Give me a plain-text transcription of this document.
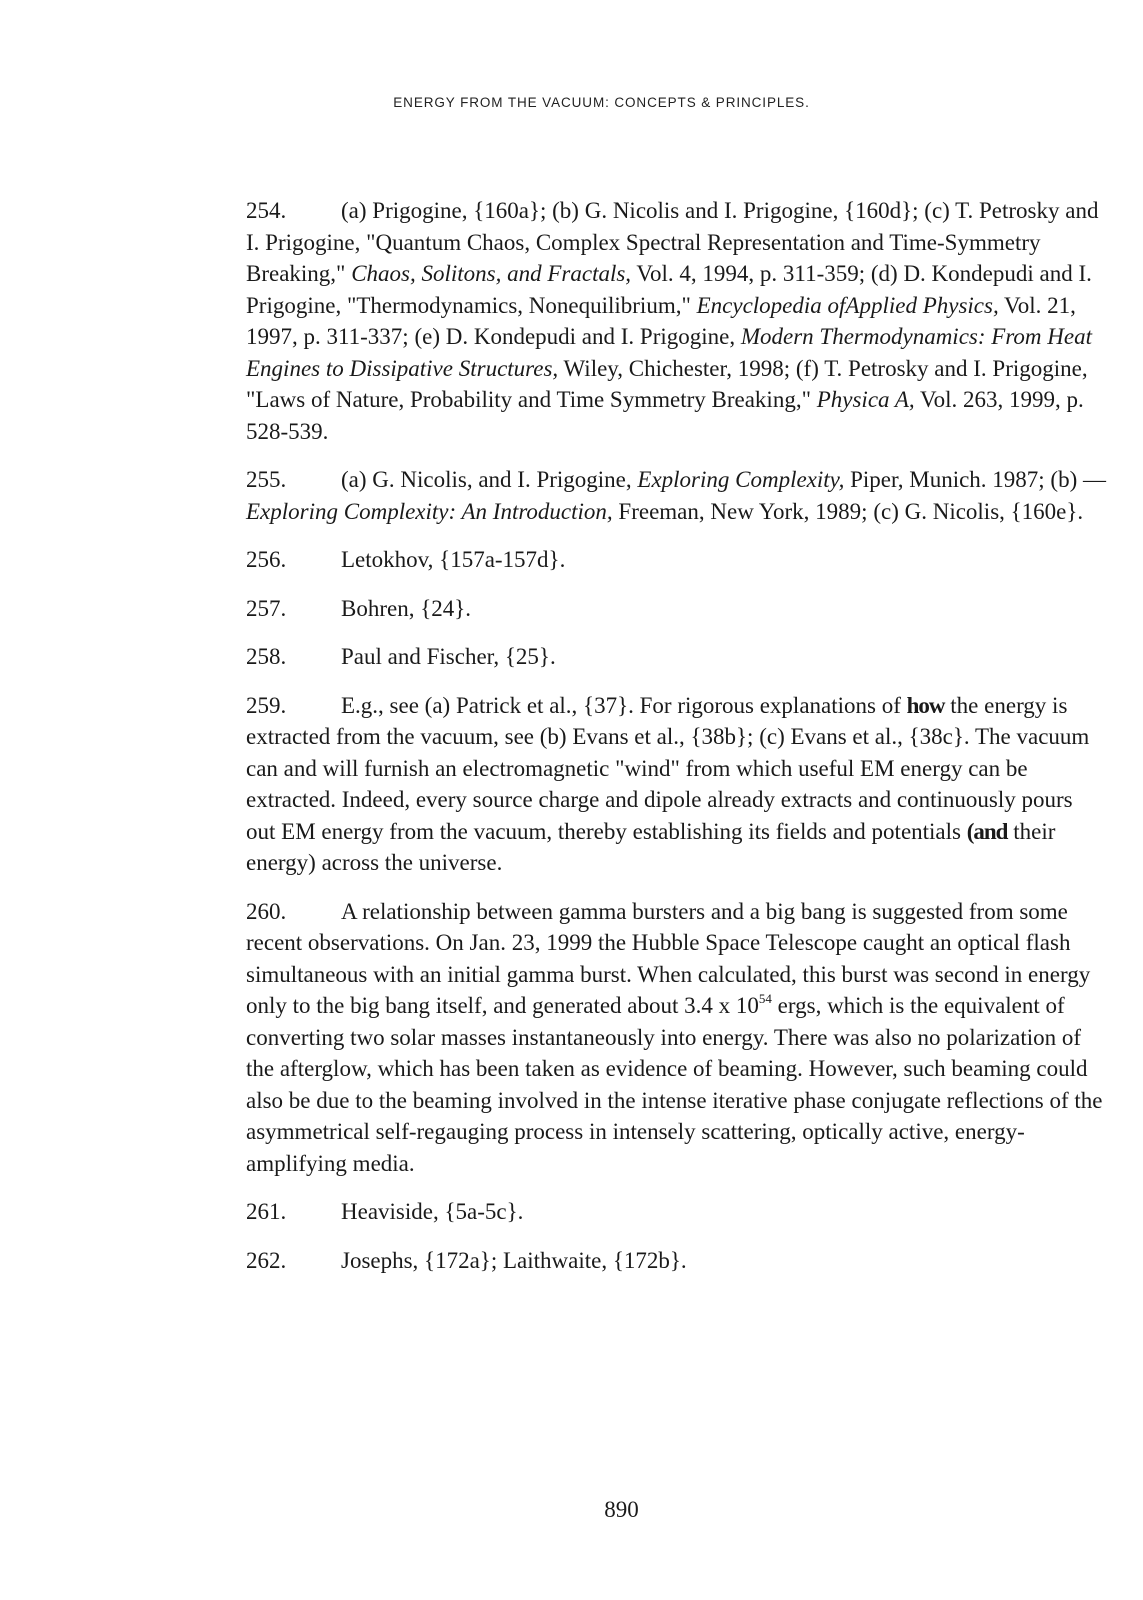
ENERGY FROM THE VACUUM: CONCEPTS & PRINCIPLES.

254. (a) Prigogine, {160a}; (b) G. Nicolis and I. Prigogine, {160d}; (c) T. Petrosky and I. Prigogine, "Quantum Chaos, Complex Spectral Representation and Time-Symmetry Breaking," Chaos, Solitons, and Fractals, Vol. 4, 1994, p. 311-359; (d) D. Kondepudi and I. Prigogine, "Thermodynamics, Nonequilibrium," Encyclopedia ofApplied Physics, Vol. 21, 1997, p. 311-337; (e) D. Kondepudi and I. Prigogine, Modern Thermodynamics: From Heat Engines to Dissipative Structures, Wiley, Chichester, 1998; (f) T. Petrosky and I. Prigogine, "Laws of Nature, Probability and Time Symmetry Breaking," Physica A, Vol. 263, 1999, p. 528-539.

255. (a) G. Nicolis, and I. Prigogine, Exploring Complexity, Piper, Munich. 1987; (b) — Exploring Complexity: An Introduction, Freeman, New York, 1989; (c) G. Nicolis, {160e}.

256. Letokhov, {157a-157d}.

257. Bohren, {24}.

258. Paul and Fischer, {25}.

259. E.g., see (a) Patrick et al., {37}. For rigorous explanations of how the energy is extracted from the vacuum, see (b) Evans et al., {38b}; (c) Evans et al., {38c}. The vacuum can and will furnish an electromagnetic "wind" from which useful EM energy can be extracted. Indeed, every source charge and dipole already extracts and continuously pours out EM energy from the vacuum, thereby establishing its fields and potentials (and their energy) across the universe.

260. A relationship between gamma bursters and a big bang is suggested from some recent observations. On Jan. 23, 1999 the Hubble Space Telescope caught an optical flash simultaneous with an initial gamma burst. When calculated, this burst was second in energy only to the big bang itself, and generated about 3.4 x $10^{54}$ ergs, which is the equivalent of converting two solar masses instantaneously into energy. There was also no polarization of the afterglow, which has been taken as evidence of beaming. However, such beaming could also be due to the beaming involved in the intense iterative phase conjugate reflections of the asymmetrical self-regauging process in intensely scattering, optically active, energy-amplifying media.

261. Heaviside, {5a-5c}.

262. Josephs, {172a}; Laithwaite, {172b}.

890
